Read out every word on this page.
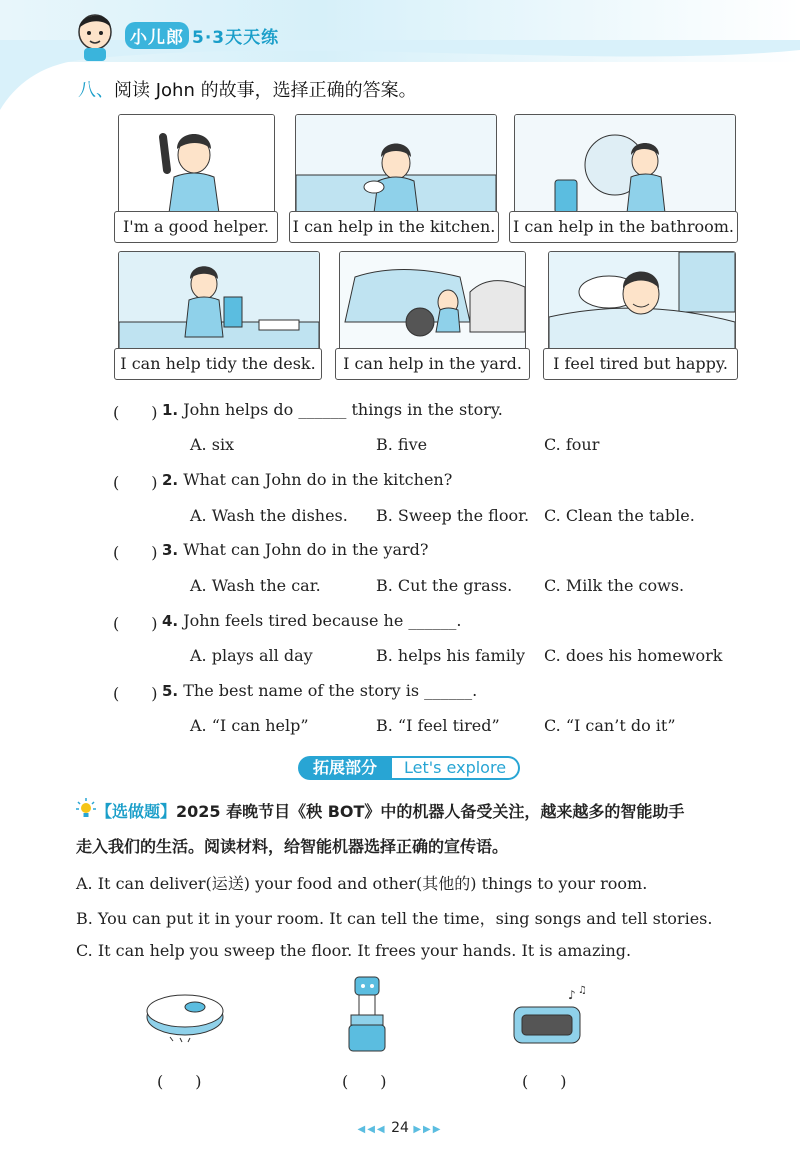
小儿郎 5·3天天练
八、阅读 John 的故事，选择正确的答案。
I'm a good helper.	I can help in the kitchen. I can help in the bathroom.
I can help tidy the desk.	I can help in the yard.	I feel tired but happy.
(　　) 1. John helps do ______ things in the story.
A. six	B. five	C. four
(　　) 2. What can John do in the kitchen?
A. Wash the dishes. B. Sweep the floor. C. Clean the table.
(　　) 3. What can John do in the yard?
A. Wash the car.	B. Cut the grass. C. Milk the cows.
(　　) 4. John feels tired because he ______.
A. plays all day	B. helps his family C. does his homework
(　　) 5. The best name of the story is ______.
A. “I can help”	B. “I feel tired”	C. “I can’t do it”
拓展部分	Let's explore
【选做题】2025 春晚节目《秧 BOT》中的机器人备受关注，越来越多的智能助手
走入我们的生活。阅读材料，给智能机器选择正确的宣传语。
A. It can deliver(运送) your food and other(其他的) things to your room.
B. You can put it in your room. It can tell the time，sing songs and tell stories.
C. It can help you sweep the floor. It frees your hands. It is amazing.
(　　)	(　　)
♪ ♫
(　　)
◀◀◀ 24 ▶▶▶
